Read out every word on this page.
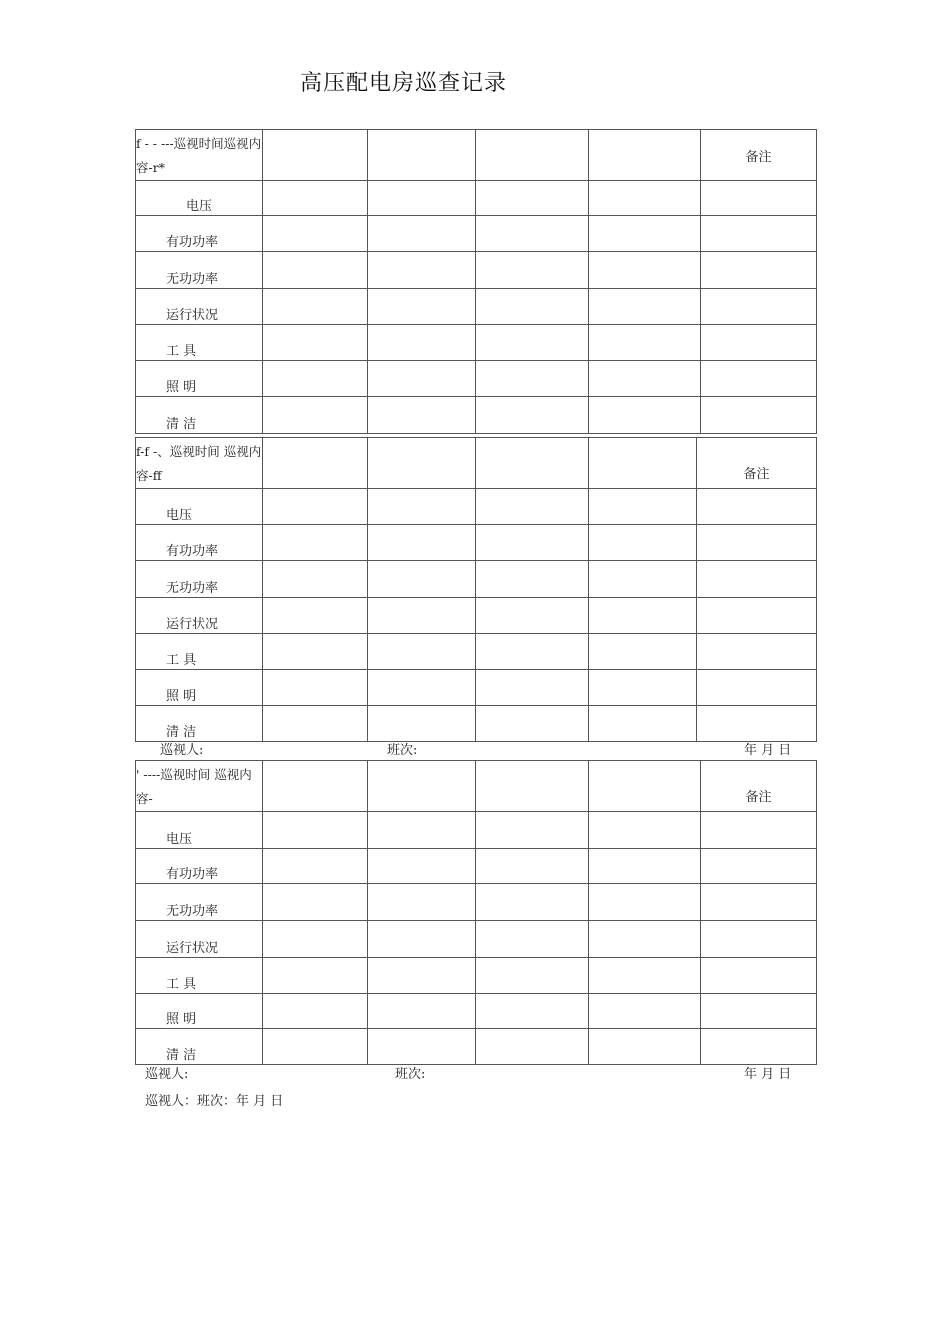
高压配电房巡查记录
f - - ---巡视时间巡视内容-r*					备注
电压					
有功功率					
无功功率					
运行状况					
工 具					
照 明					
清 洁					
f-f -、巡视时间 巡视内容-ff					备注
电压					
有功功率					
无功功率					
运行状况					
工 具					
照 明					
清 洁					
巡视人:	班次:	年 月 日
' ----巡视时间 巡视内容-					备注
电压					
有功功率					
无功功率					
运行状况					
工 具					
照 明					
清 洁					
巡视人:	班次:	年 月 日
巡视人：班次：年 月 日
